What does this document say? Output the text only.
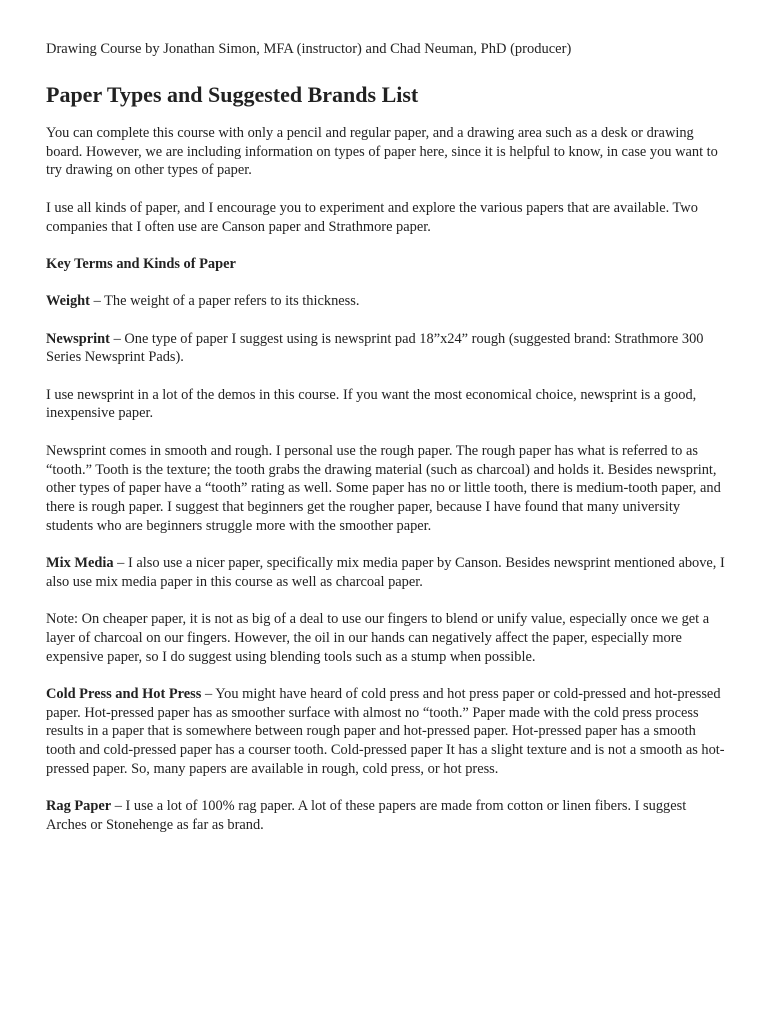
Drawing Course by Jonathan Simon, MFA (instructor) and Chad Neuman, PhD (producer)
Paper Types and Suggested Brands List

You can complete this course with only a pencil and regular paper, and a drawing area such as a desk or drawing board. However, we are including information on types of paper here, since it is helpful to know, in case you want to try drawing on other types of paper.

I use all kinds of paper, and I encourage you to experiment and explore the various papers that are available. Two companies that I often use are Canson paper and Strathmore paper.

Key Terms and Kinds of Paper

Weight – The weight of a paper refers to its thickness.

Newsprint – One type of paper I suggest using is newsprint pad 18”x24” rough (suggested brand: Strathmore 300 Series Newsprint Pads).

I use newsprint in a lot of the demos in this course. If you want the most economical choice, newsprint is a good, inexpensive paper.

Newsprint comes in smooth and rough. I personal use the rough paper. The rough paper has what is referred to as “tooth.” Tooth is the texture; the tooth grabs the drawing material (such as charcoal) and holds it. Besides newsprint, other types of paper have a “tooth” rating as well. Some paper has no or little tooth, there is medium-tooth paper, and there is rough paper. I suggest that beginners get the rougher paper, because I have found that many university students who are beginners struggle more with the smoother paper.

Mix Media – I also use a nicer paper, specifically mix media paper by Canson. Besides newsprint mentioned above, I also use mix media paper in this course as well as charcoal paper.

Note: On cheaper paper, it is not as big of a deal to use our fingers to blend or unify value, especially once we get a layer of charcoal on our fingers. However, the oil in our hands can negatively affect the paper, especially more expensive paper, so I do suggest using blending tools such as a stump when possible.

Cold Press and Hot Press – You might have heard of cold press and hot press paper or cold-pressed and hot-pressed paper. Hot-pressed paper has as smoother surface with almost no “tooth.” Paper made with the cold press process results in a paper that is somewhere between rough paper and hot-pressed paper. Hot-pressed paper has a smooth tooth and cold-pressed paper has a courser tooth. Cold-pressed paper It has a slight texture and is not a smooth as hot-pressed paper. So, many papers are available in rough, cold press, or hot press.

Rag Paper – I use a lot of 100% rag paper. A lot of these papers are made from cotton or linen fibers. I suggest Arches or Stonehenge as far as brand.
